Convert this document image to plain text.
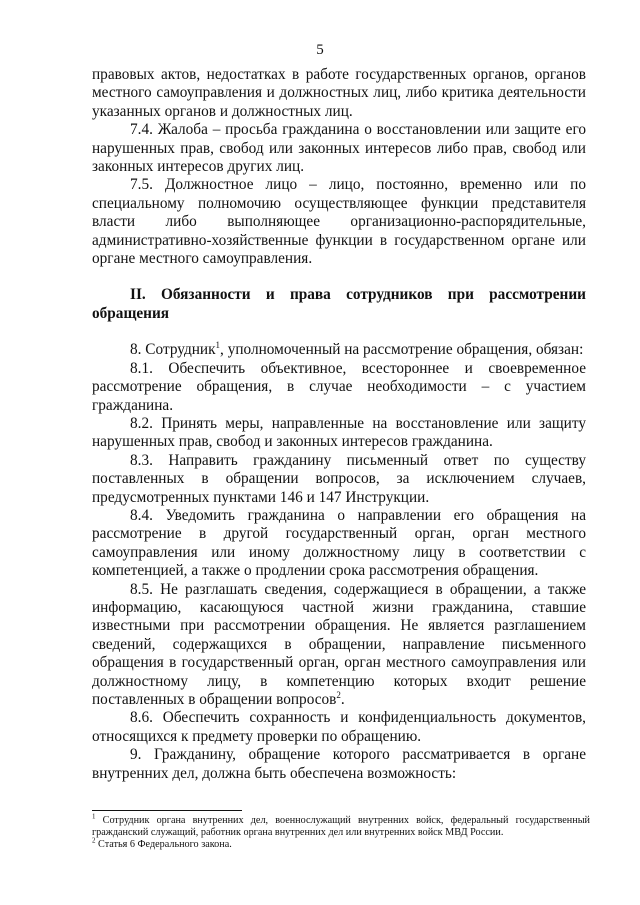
5

правовых актов, недостатках в работе государственных органов, органов местного самоуправления и должностных лиц, либо критика деятельности указанных органов и должностных лиц.

7.4. Жалоба – просьба гражданина о восстановлении или защите его нарушенных прав, свобод или законных интересов либо прав, свобод или законных интересов других лиц.

7.5. Должностное лицо – лицо, постоянно, временно или по специальному полномочию осуществляющее функции представителя власти либо выполняющее организационно-распорядительные, административно-хозяйственные функции в государственном органе или органе местного самоуправления.

II. Обязанности и права сотрудников при рассмотрении обращения

8. Сотрудник$^1$, уполномоченный на рассмотрение обращения, обязан:

8.1. Обеспечить объективное, всестороннее и своевременное рассмотрение обращения, в случае необходимости – с участием гражданина.

8.2. Принять меры, направленные на восстановление или защиту нарушенных прав, свобод и законных интересов гражданина.

8.3. Направить гражданину письменный ответ по существу поставленных в обращении вопросов, за исключением случаев, предусмотренных пунктами 146 и 147 Инструкции.

8.4. Уведомить гражданина о направлении его обращения на рассмотрение в другой государственный орган, орган местного самоуправления или иному должностному лицу в соответствии с компетенцией, а также о продлении срока рассмотрения обращения.

8.5. Не разглашать сведения, содержащиеся в обращении, а также информацию, касающуюся частной жизни гражданина, ставшие известными при рассмотрении обращения. Не является разглашением сведений, содержащихся в обращении, направление письменного обращения в государственный орган, орган местного самоуправления или должностному лицу, в компетенцию которых входит решение поставленных в обращении вопросов$^2$.

8.6. Обеспечить сохранность и конфиденциальность документов, относящихся к предмету проверки по обращению.

9. Гражданину, обращение которого рассматривается в органе внутренних дел, должна быть обеспечена возможность:

$^1$ Сотрудник органа внутренних дел, военнослужащий внутренних войск, федеральный государственный гражданский служащий, работник органа внутренних дел или внутренних войск МВД России.

$^2$ Статья 6 Федерального закона.
